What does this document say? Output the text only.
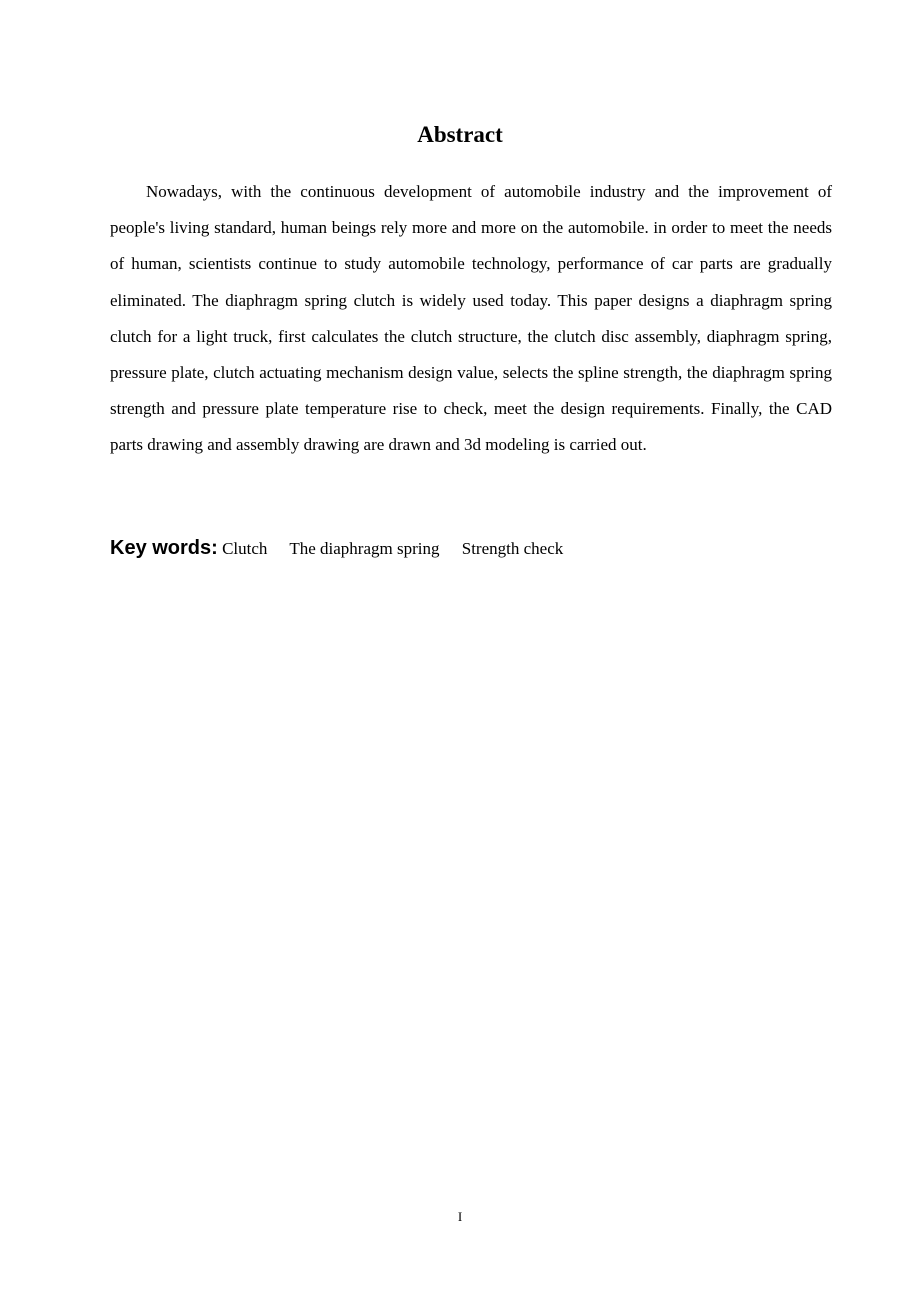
Abstract

Nowadays, with the continuous development of automobile industry and the improvement of people's living standard, human beings rely more and more on the automobile. in order to meet the needs of human, scientists continue to study automobile technology, performance of car parts are gradually eliminated. The diaphragm spring clutch is widely used today. This paper designs a diaphragm spring clutch for a light truck, first calculates the clutch structure, the clutch disc assembly, diaphragm spring, pressure plate, clutch actuating mechanism design value, selects the spline strength, the diaphragm spring strength and pressure plate temperature rise to check, meet the design requirements. Finally, the CAD parts drawing and assembly drawing are drawn and 3d modeling is carried out.

Key words: Clutch The diaphragm spring Strength check

I
